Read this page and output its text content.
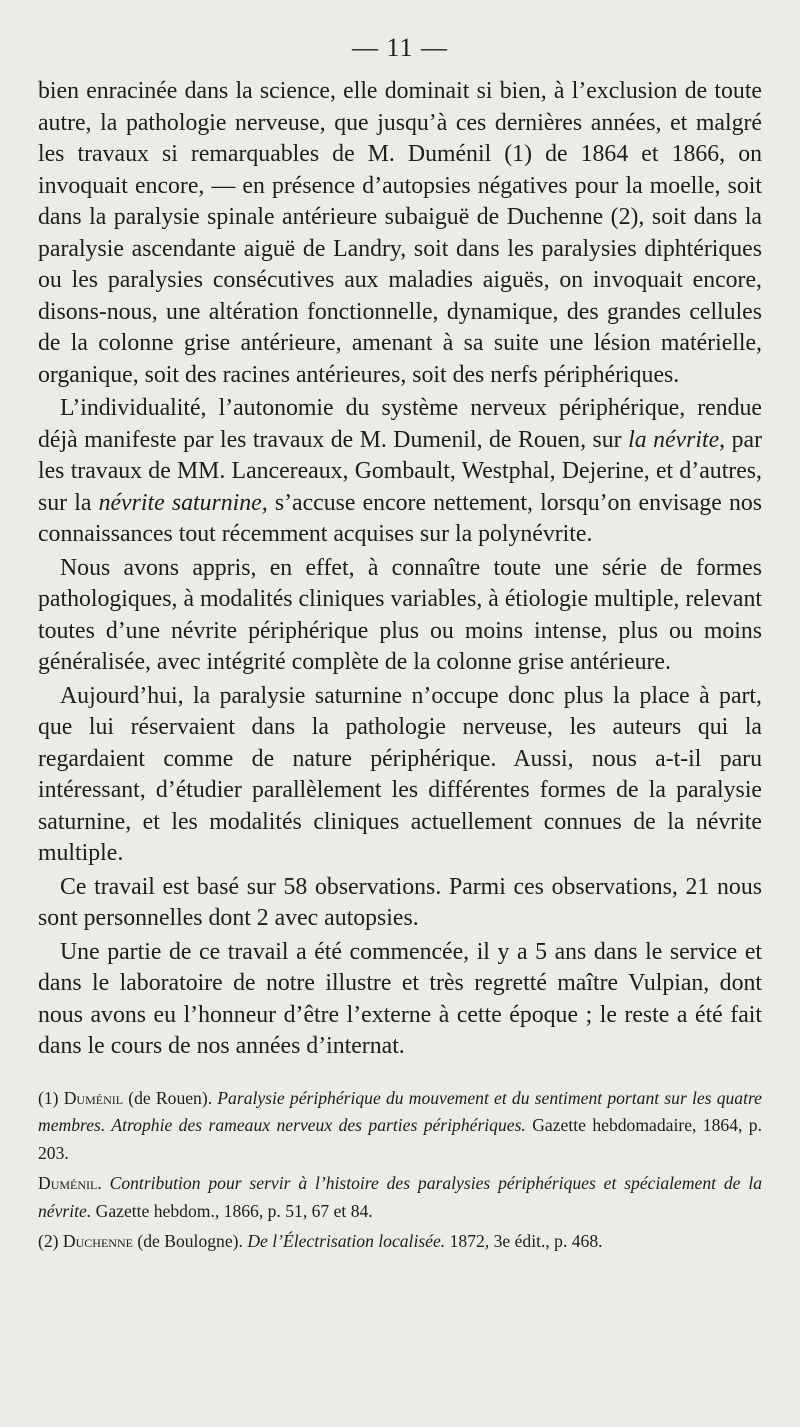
— 11 —

bien enracinée dans la science, elle dominait si bien, à l’exclusion de toute autre, la pathologie nerveuse, que jusqu’à ces dernières années, et malgré les travaux si remarquables de M. Duménil (1) de 1864 et 1866, on invoquait encore, — en présence d’autopsies négatives pour la moelle, soit dans la paralysie spinale antérieure subaiguë de Duchenne (2), soit dans la paralysie ascendante aiguë de Landry, soit dans les paralysies diphtériques ou les paralysies consécutives aux maladies aiguës, on invoquait encore, disons-nous, une altération fonctionnelle, dynamique, des grandes cellules de la colonne grise antérieure, amenant à sa suite une lésion matérielle, organique, soit des racines antérieures, soit des nerfs périphériques.

L’individualité, l’autonomie du système nerveux périphérique, rendue déjà manifeste par les travaux de M. Dumenil, de Rouen, sur la névrite, par les travaux de MM. Lancereaux, Gombault, Westphal, Dejerine, et d’autres, sur la névrite saturnine, s’accuse encore nettement, lorsqu’on envisage nos connaissances tout récemment acquises sur la polynévrite.

Nous avons appris, en effet, à connaître toute une série de formes pathologiques, à modalités cliniques variables, à étiologie multiple, relevant toutes d’une névrite périphérique plus ou moins intense, plus ou moins généralisée, avec intégrité complète de la colonne grise antérieure.

Aujourd’hui, la paralysie saturnine n’occupe donc plus la place à part, que lui réservaient dans la pathologie nerveuse, les auteurs qui la regardaient comme de nature périphérique. Aussi, nous a-t-il paru intéressant, d’étudier parallèlement les différentes formes de la paralysie saturnine, et les modalités cliniques actuellement connues de la névrite multiple.

Ce travail est basé sur 58 observations. Parmi ces observations, 21 nous sont personnelles dont 2 avec autopsies.

Une partie de ce travail a été commencée, il y a 5 ans dans le service et dans le laboratoire de notre illustre et très regretté maître Vulpian, dont nous avons eu l’honneur d’être l’externe à cette époque ; le reste a été fait dans le cours de nos années d’internat.

(1) Duménil (de Rouen). Paralysie périphérique du mouvement et du sentiment portant sur les quatre membres. Atrophie des rameaux nerveux des parties périphériques. Gazette hebdomadaire, 1864, p. 203.

Duménil. Contribution pour servir à l’histoire des paralysies périphériques et spécialement de la névrite. Gazette hebdom., 1866, p. 51, 67 et 84.

(2) Duchenne (de Boulogne). De l’Électrisation localisée. 1872, 3e édit., p. 468.
